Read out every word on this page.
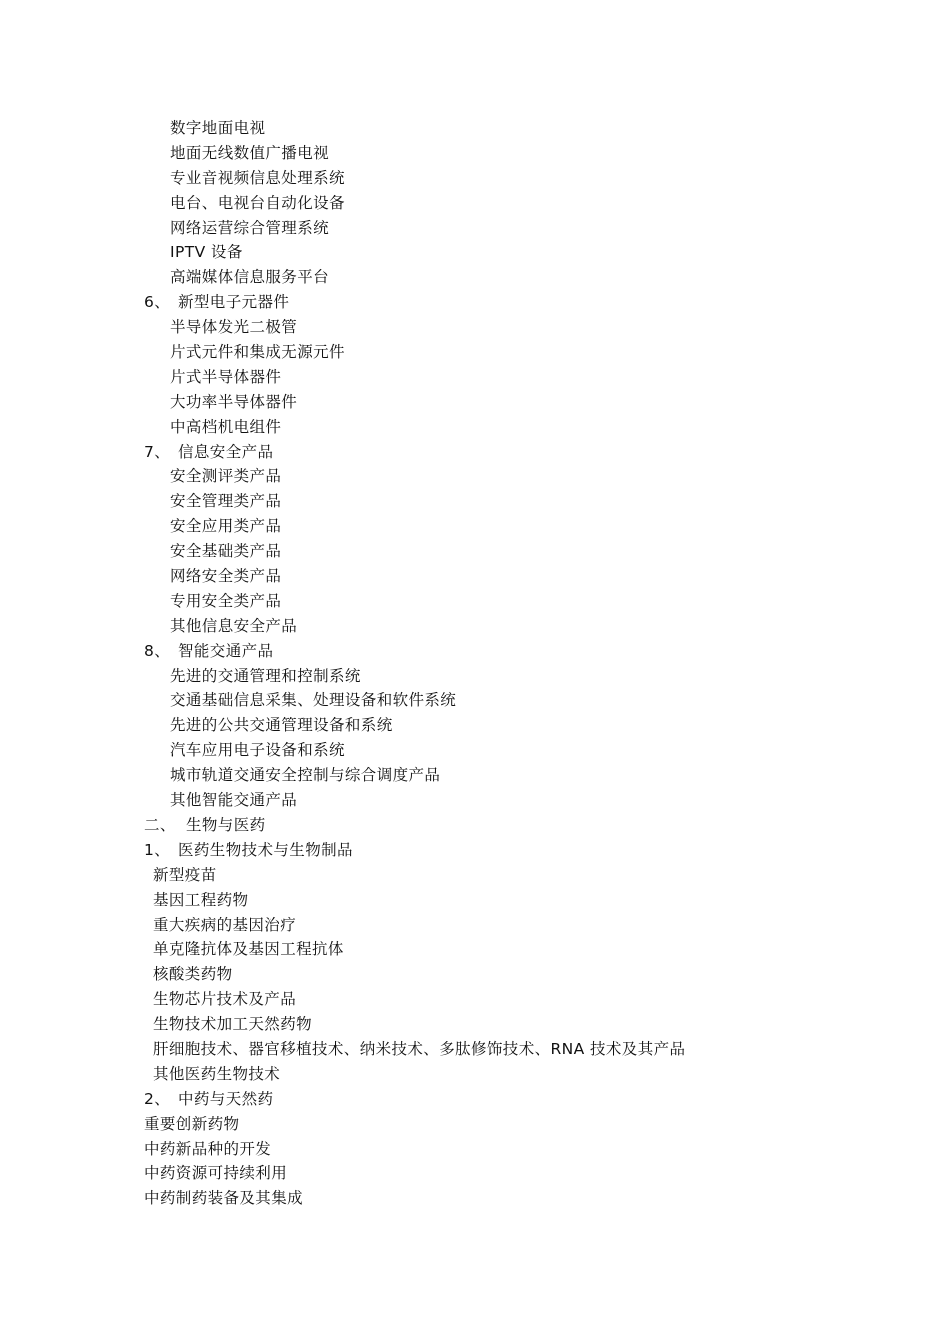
数字地面电视
地面无线数值广播电视
专业音视频信息处理系统
电台、电视台自动化设备
网络运营综合管理系统
IPTV 设备
高端媒体信息服务平台
6、 新型电子元器件
半导体发光二极管
片式元件和集成无源元件
片式半导体器件
大功率半导体器件
中高档机电组件
7、 信息安全产品
安全测评类产品
安全管理类产品
安全应用类产品
安全基础类产品
网络安全类产品
专用安全类产品
其他信息安全产品
8、 智能交通产品
先进的交通管理和控制系统
交通基础信息采集、处理设备和软件系统
先进的公共交通管理设备和系统
汽车应用电子设备和系统
城市轨道交通安全控制与综合调度产品
其他智能交通产品
二、 生物与医药
1、 医药生物技术与生物制品
新型疫苗
基因工程药物
重大疾病的基因治疗
单克隆抗体及基因工程抗体
核酸类药物
生物芯片技术及产品
生物技术加工天然药物
肝细胞技术、器官移植技术、纳米技术、多肽修饰技术、RNA 技术及其产品
其他医药生物技术
2、 中药与天然药
重要创新药物
中药新品种的开发
中药资源可持续利用
中药制药装备及其集成
